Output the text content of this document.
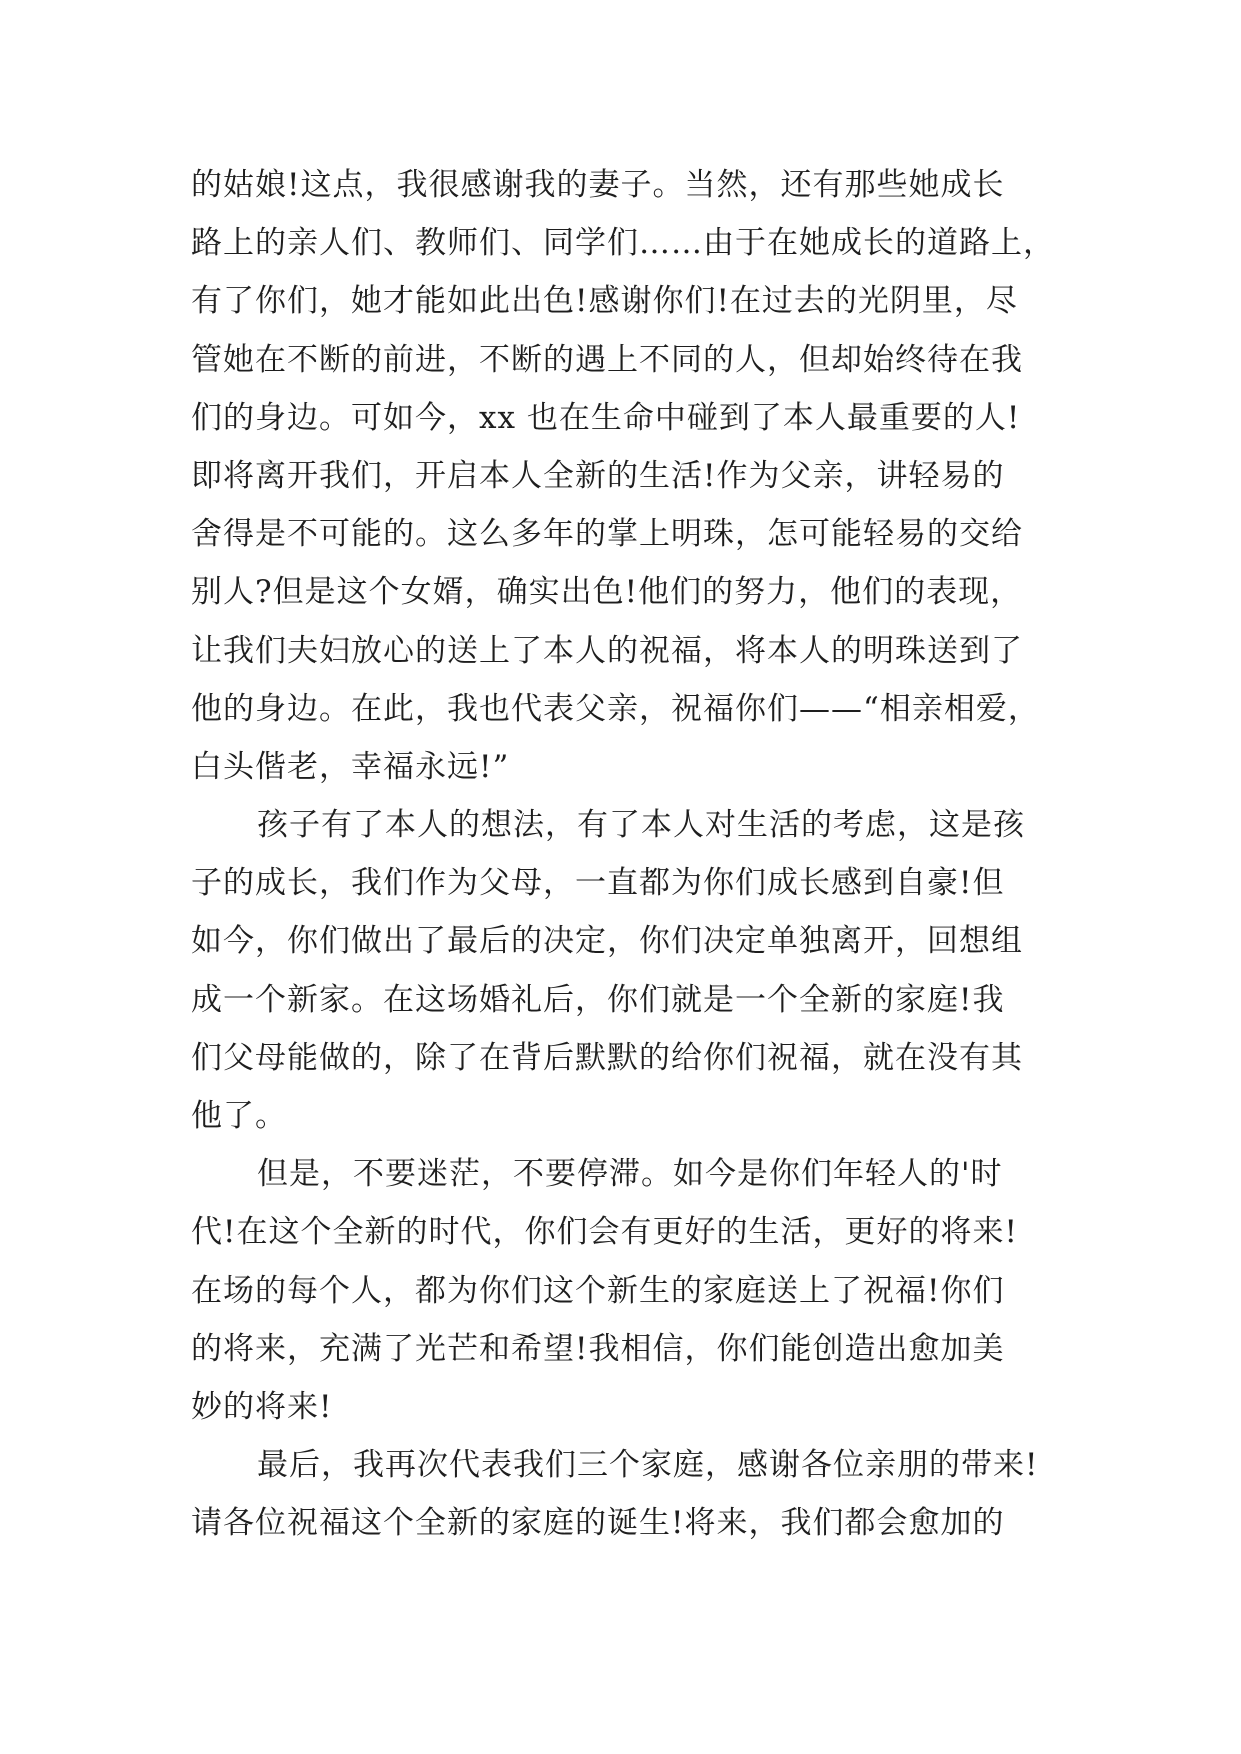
的姑娘!这点，我很感谢我的妻子。当然，还有那些她成长
路上的亲人们、教师们、同学们……由于在她成长的道路上，
有了你们，她才能如此出色!感谢你们!在过去的光阴里，尽
管她在不断的前进，不断的遇上不同的人，但却始终待在我
们的身边。可如今，xx 也在生命中碰到了本人最重要的人!
即将离开我们，开启本人全新的生活!作为父亲，讲轻易的
舍得是不可能的。这么多年的掌上明珠，怎可能轻易的交给
别人?但是这个女婿，确实出色!他们的努力，他们的表现，
让我们夫妇放心的送上了本人的祝福，将本人的明珠送到了
他的身边。在此，我也代表父亲，祝福你们——“相亲相爱，
白头偕老，幸福永远!”
孩子有了本人的想法，有了本人对生活的考虑，这是孩
子的成长，我们作为父母，一直都为你们成长感到自豪!但
如今，你们做出了最后的决定，你们决定单独离开，回想组
成一个新家。在这场婚礼后，你们就是一个全新的家庭!我
们父母能做的，除了在背后默默的给你们祝福，就在没有其
他了。
但是，不要迷茫，不要停滞。如今是你们年轻人的'时
代!在这个全新的时代，你们会有更好的生活，更好的将来!
在场的每个人，都为你们这个新生的家庭送上了祝福!你们
的将来，充满了光芒和希望!我相信，你们能创造出愈加美
妙的将来!
最后，我再次代表我们三个家庭，感谢各位亲朋的带来!
请各位祝福这个全新的家庭的诞生!将来，我们都会愈加的
